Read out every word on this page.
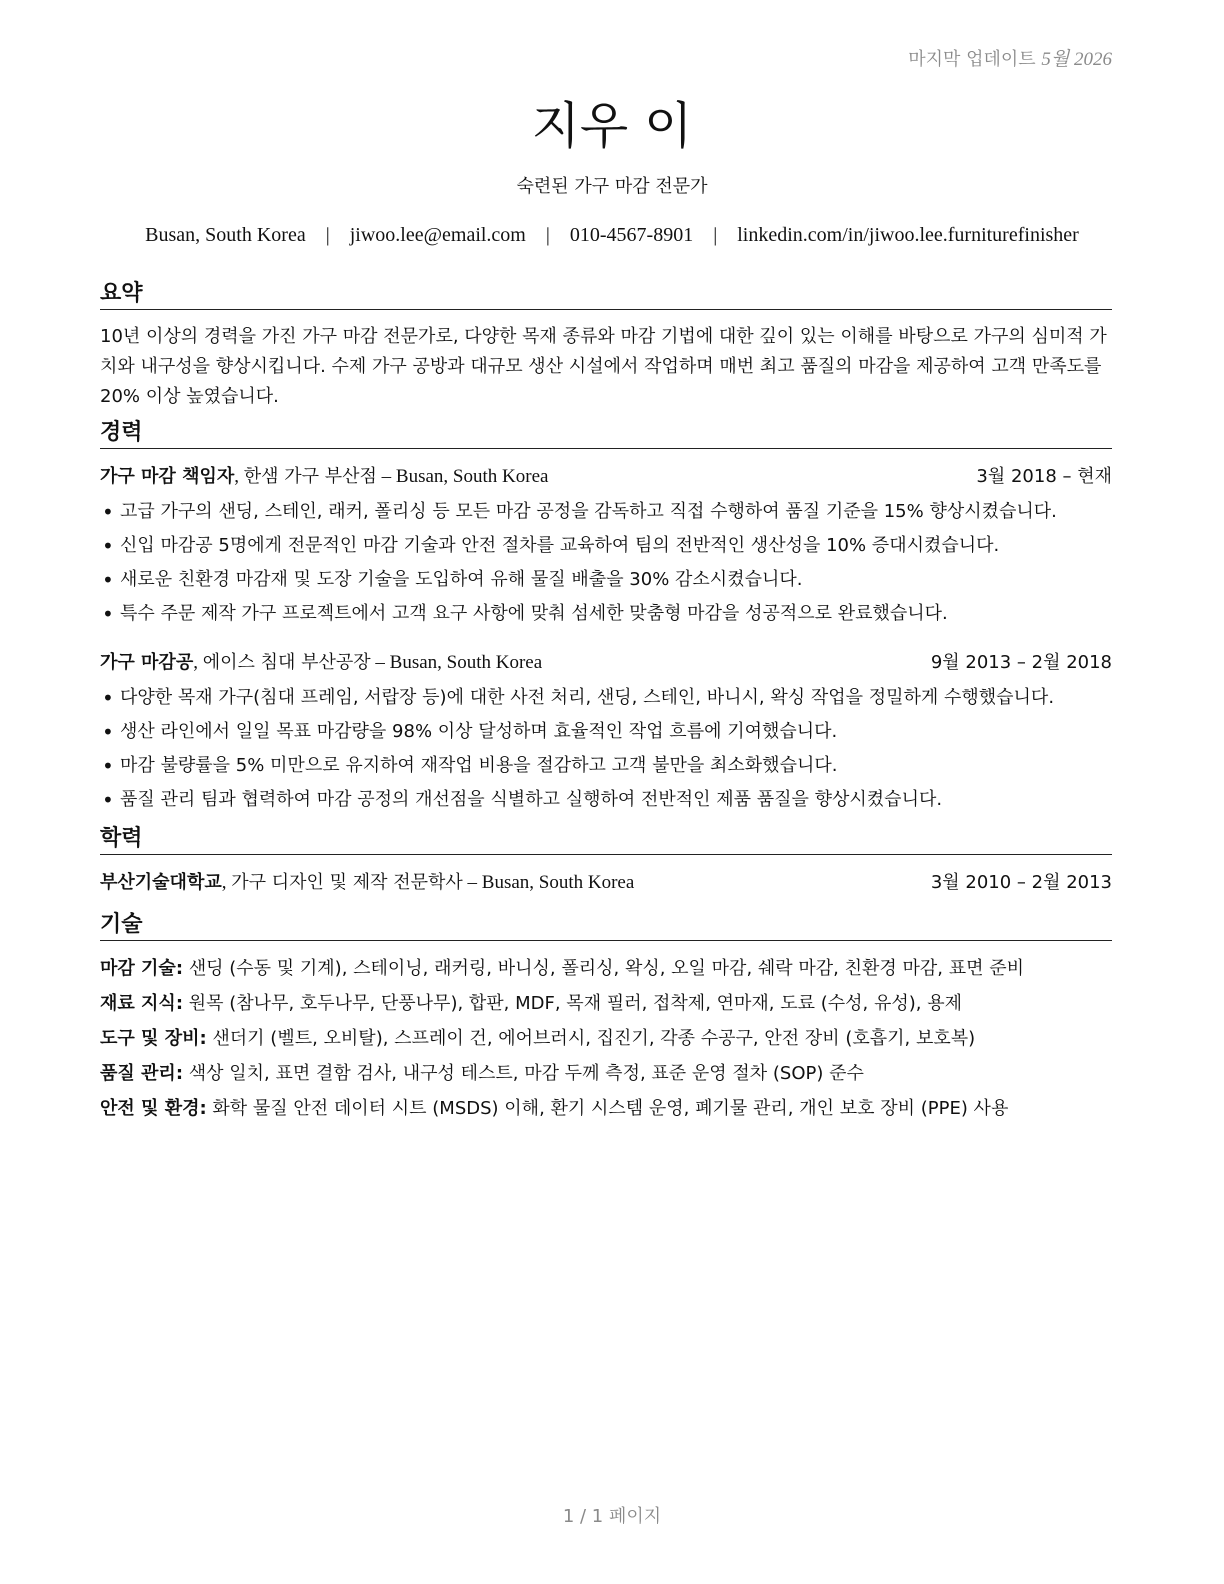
마지막 업데이트 5월 2026
지우 이
숙련된 가구 마감 전문가
Busan, South Korea | jiwoo.lee@email.com | 010-4567-8901 | linkedin.com/in/jiwoo.lee.furniturefinisher
요약
10년 이상의 경력을 가진 가구 마감 전문가로, 다양한 목재 종류와 마감 기법에 대한 깊이 있는 이해를 바탕으로 가구의 심미적 가치와 내구성을 향상시킵니다. 수제 가구 공방과 대규모 생산 시설에서 작업하며 매번 최고 품질의 마감을 제공하여 고객 만족도를 20% 이상 높였습니다.
경력
가구 마감 책임자, 한샘 가구 부산점 – Busan, South Korea	3월 2018 – 현재
• 고급 가구의 샌딩, 스테인, 래커, 폴리싱 등 모든 마감 공정을 감독하고 직접 수행하여 품질 기준을 15% 향상시켰습니다.
• 신입 마감공 5명에게 전문적인 마감 기술과 안전 절차를 교육하여 팀의 전반적인 생산성을 10% 증대시켰습니다.
• 새로운 친환경 마감재 및 도장 기술을 도입하여 유해 물질 배출을 30% 감소시켰습니다.
• 특수 주문 제작 가구 프로젝트에서 고객 요구 사항에 맞춰 섬세한 맞춤형 마감을 성공적으로 완료했습니다.
가구 마감공, 에이스 침대 부산공장 – Busan, South Korea	9월 2013 – 2월 2018
• 다양한 목재 가구(침대 프레임, 서랍장 등)에 대한 사전 처리, 샌딩, 스테인, 바니시, 왁싱 작업을 정밀하게 수행했습니다.
• 생산 라인에서 일일 목표 마감량을 98% 이상 달성하며 효율적인 작업 흐름에 기여했습니다.
• 마감 불량률을 5% 미만으로 유지하여 재작업 비용을 절감하고 고객 불만을 최소화했습니다.
• 품질 관리 팀과 협력하여 마감 공정의 개선점을 식별하고 실행하여 전반적인 제품 품질을 향상시켰습니다.
학력
부산기술대학교, 가구 디자인 및 제작 전문학사 – Busan, South Korea	3월 2010 – 2월 2013
기술
마감 기술: 샌딩 (수동 및 기계), 스테이닝, 래커링, 바니싱, 폴리싱, 왁싱, 오일 마감, 쉐락 마감, 친환경 마감, 표면 준비
재료 지식: 원목 (참나무, 호두나무, 단풍나무), 합판, MDF, 목재 필러, 접착제, 연마재, 도료 (수성, 유성), 용제
도구 및 장비: 샌더기 (벨트, 오비탈), 스프레이 건, 에어브러시, 집진기, 각종 수공구, 안전 장비 (호흡기, 보호복)
품질 관리: 색상 일치, 표면 결함 검사, 내구성 테스트, 마감 두께 측정, 표준 운영 절차 (SOP) 준수
안전 및 환경: 화학 물질 안전 데이터 시트 (MSDS) 이해, 환기 시스템 운영, 폐기물 관리, 개인 보호 장비 (PPE) 사용
1 / 1 페이지
